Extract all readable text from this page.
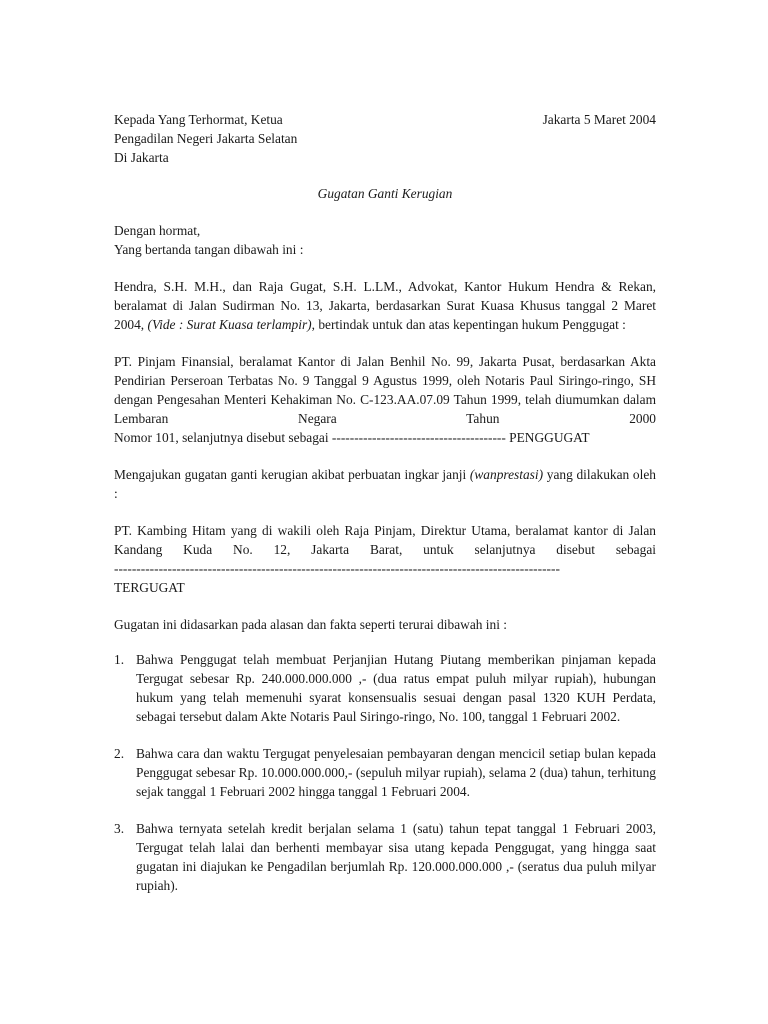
Kepada Yang Terhormat, Ketua
Pengadilan Negeri Jakarta Selatan
Di Jakarta
Jakarta 5 Maret 2004
Gugatan Ganti Kerugian
Dengan hormat,
Yang bertanda tangan dibawah ini :

Hendra, S.H. M.H., dan Raja Gugat, S.H. L.LM., Advokat, Kantor Hukum Hendra & Rekan, beralamat di Jalan Sudirman No. 13, Jakarta, berdasarkan Surat Kuasa Khusus tanggal 2 Maret 2004, (Vide : Surat Kuasa terlampir), bertindak untuk dan atas kepentingan hukum Penggugat :

PT. Pinjam Finansial, beralamat Kantor di Jalan Benhil No. 99, Jakarta Pusat, berdasarkan Akta Pendirian Perseroan Terbatas No. 9 Tanggal 9 Agustus 1999, oleh Notaris Paul Siringo-ringo, SH dengan Pengesahan Menteri Kehakiman No. C-123.AA.07.09 Tahun 1999, telah diumumkan dalam Lembaran Negara Tahun 2000
Nomor 101, selanjutnya disebut sebagai --------------------------------------- PENGGUGAT

Mengajukan gugatan ganti kerugian akibat perbuatan ingkar janji (wanprestasi) yang dilakukan oleh :

PT. Kambing Hitam yang di wakili oleh Raja Pinjam, Direktur Utama, beralamat kantor di Jalan Kandang Kuda No. 12, Jakarta Barat, untuk selanjutnya disebut sebagai
----------------------------------------------------------------------------------------------------
TERGUGAT
Gugatan ini didasarkan pada alasan dan fakta seperti terurai dibawah ini :
1. Bahwa Penggugat telah membuat Perjanjian Hutang Piutang memberikan pinjaman kepada Tergugat sebesar Rp. 240.000.000.000 ,- (dua ratus empat puluh milyar rupiah), hubungan hukum yang telah memenuhi syarat konsensualis sesuai dengan pasal 1320 KUH Perdata, sebagai tersebut dalam Akte Notaris Paul Siringo-ringo, No. 100, tanggal 1 Februari 2002.
2. Bahwa cara dan waktu Tergugat penyelesaian pembayaran dengan mencicil setiap bulan kepada Penggugat sebesar Rp. 10.000.000.000,- (sepuluh milyar rupiah), selama 2 (dua) tahun, terhitung sejak tanggal 1 Februari 2002 hingga tanggal 1 Februari 2004.
3. Bahwa ternyata setelah kredit berjalan selama 1 (satu) tahun tepat tanggal 1 Februari 2003, Tergugat telah lalai dan berhenti membayar sisa utang kepada Penggugat, yang hingga saat gugatan ini diajukan ke Pengadilan berjumlah Rp. 120.000.000.000 ,- (seratus dua puluh milyar rupiah).
